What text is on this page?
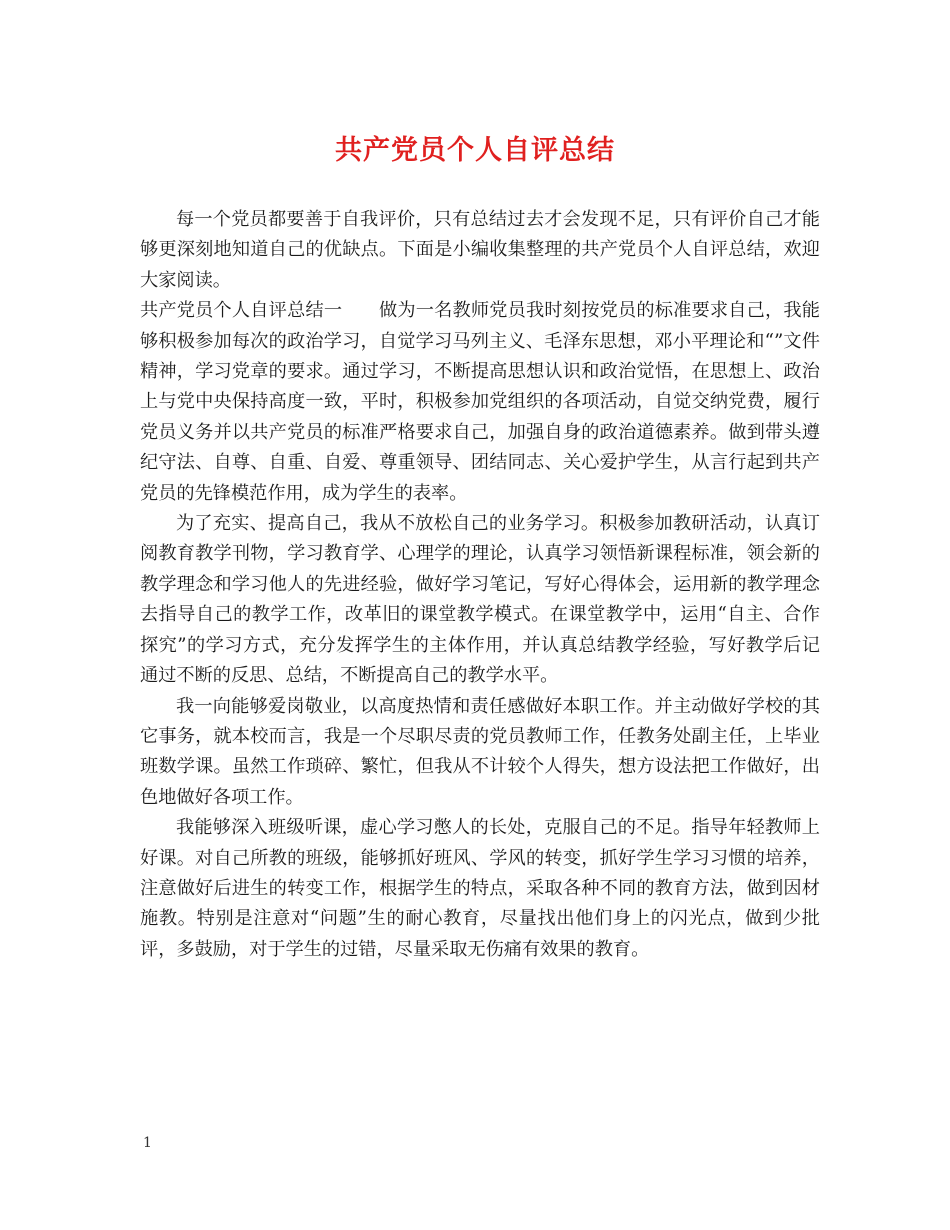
共产党员个人自评总结

每一个党员都要善于自我评价，只有总结过去才会发现不足，只有评价自己才能够更深刻地知道自己的优缺点。下面是小编收集整理的共产党员个人自评总结，欢迎大家阅读。

共产党员个人自评总结一　　做为一名教师党员我时刻按党员的标准要求自己，我能够积极参加每次的政治学习，自觉学习马列主义、毛泽东思想，邓小平理论和“”文件精神，学习党章的要求。通过学习，不断提高思想认识和政治觉悟，在思想上、政治上与党中央保持高度一致，平时，积极参加党组织的各项活动，自觉交纳党费，履行党员义务并以共产党员的标准严格要求自己，加强自身的政治道德素养。做到带头遵纪守法、自尊、自重、自爱、尊重领导、团结同志、关心爱护学生，从言行起到共产党员的先锋模范作用，成为学生的表率。

为了充实、提高自己，我从不放松自己的业务学习。积极参加教研活动，认真订阅教育教学刊物，学习教育学、心理学的理论，认真学习领悟新课程标准，领会新的教学理念和学习他人的先进经验，做好学习笔记，写好心得体会，运用新的教学理念去指导自己的教学工作，改革旧的课堂教学模式。在课堂教学中，运用“自主、合作探究”的学习方式，充分发挥学生的主体作用，并认真总结教学经验，写好教学后记通过不断的反思、总结，不断提高自己的教学水平。

我一向能够爱岗敬业，以高度热情和责任感做好本职工作。并主动做好学校的其它事务，就本校而言，我是一个尽职尽责的党员教师工作，任教务处副主任，上毕业班数学课。虽然工作琐碎、繁忙，但我从不计较个人得失，想方设法把工作做好，出色地做好各项工作。

我能够深入班级听课，虚心学习憋人的长处，克服自己的不足。指导年轻教师上好课。对自己所教的班级，能够抓好班风、学风的转变，抓好学生学习习惯的培养，注意做好后进生的转变工作，根据学生的特点，采取各种不同的教育方法，做到因材施教。特别是注意对“问题”生的耐心教育，尽量找出他们身上的闪光点，做到少批评，多鼓励，对于学生的过错，尽量采取无伤痛有效果的教育。

1
